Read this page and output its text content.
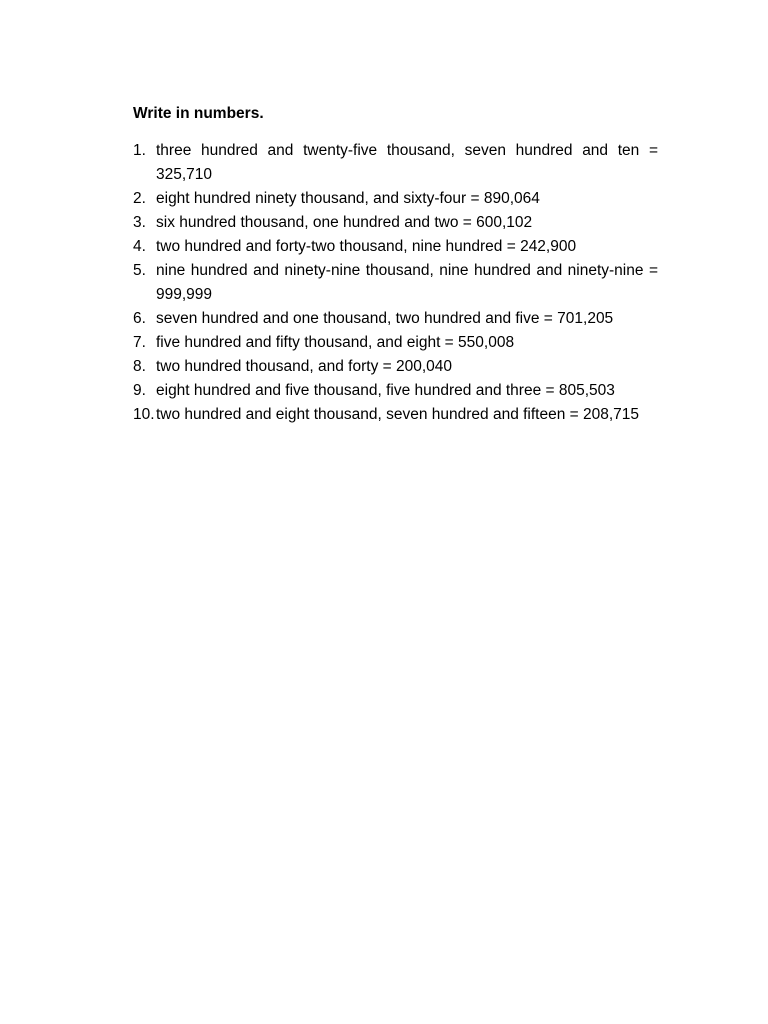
Write in numbers.
1. three hundred and twenty-five thousand, seven hundred and ten = 325,710
2. eight hundred ninety thousand, and sixty-four = 890,064
3. six hundred thousand, one hundred and two = 600,102
4. two hundred and forty-two thousand, nine hundred = 242,900
5. nine hundred and ninety-nine thousand, nine hundred and ninety-nine = 999,999
6. seven hundred and one thousand, two hundred and five = 701,205
7. five hundred and fifty thousand, and eight = 550,008
8. two hundred thousand, and forty = 200,040
9. eight hundred and five thousand, five hundred and three = 805,503
10. two hundred and eight thousand, seven hundred and fifteen = 208,715
